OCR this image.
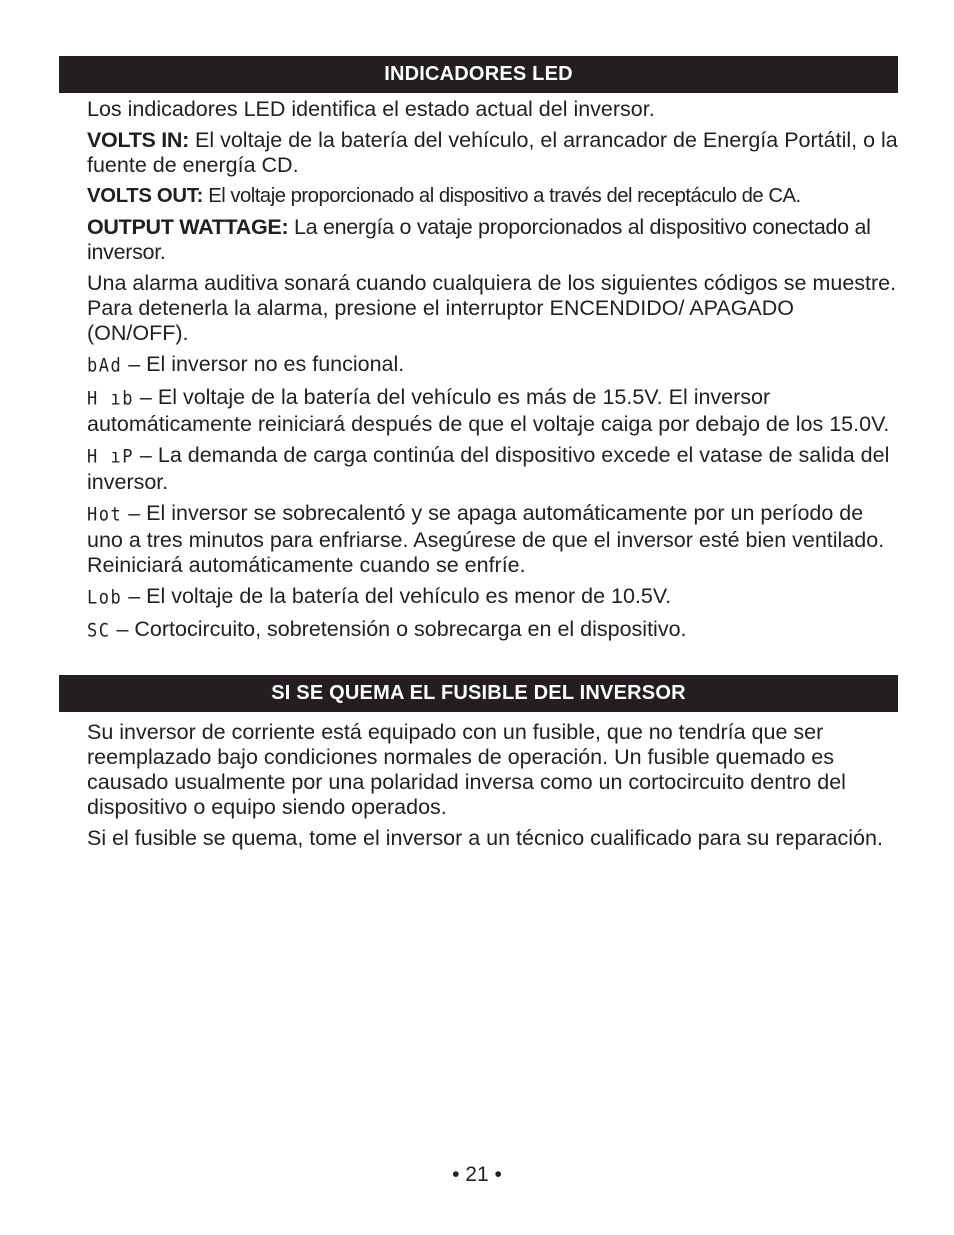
INDICADORES LED

Los indicadores LED identifica el estado actual del inversor.

VOLTS IN: El voltaje de la batería del vehículo, el arrancador de Energía Portátil, o la fuente de energía CD.

VOLTS OUT: El voltaje proporcionado al dispositivo a través del receptáculo de CA.

OUTPUT WATTAGE: La energía o vataje proporcionados al dispositivo conectado al inversor.

Una alarma auditiva sonará cuando cualquiera de los siguientes códigos se muestre. Para detenerla la alarma, presione el interruptor ENCENDIDO/ APAGADO (ON/OFF).

bAd – El inversor no es funcional.

H ıb – El voltaje de la batería del vehículo es más de 15.5V. El inversor automáticamente reiniciará después de que el voltaje caiga por debajo de los 15.0V.

H ıP – La demanda de carga continúa del dispositivo excede el vatase de salida del inversor.

Hot – El inversor se sobrecalentó y se apaga automáticamente por un período de uno a tres minutos para enfriarse. Asegúrese de que el inversor esté bien ventilado. Reiniciará automáticamente cuando se enfríe.

Lob – El voltaje de la batería del vehículo es menor de 10.5V.

SC – Cortocircuito, sobretensión o sobrecarga en el dispositivo.

SI SE QUEMA EL FUSIBLE DEL INVERSOR

Su inversor de corriente está equipado con un fusible, que no tendría que ser reemplazado bajo condiciones normales de operación. Un fusible quemado es causado usualmente por una polaridad inversa como un cortocircuito dentro del dispositivo o equipo siendo operados.

Si el fusible se quema, tome el inversor a un técnico cualificado para su reparación.

• 21 •
